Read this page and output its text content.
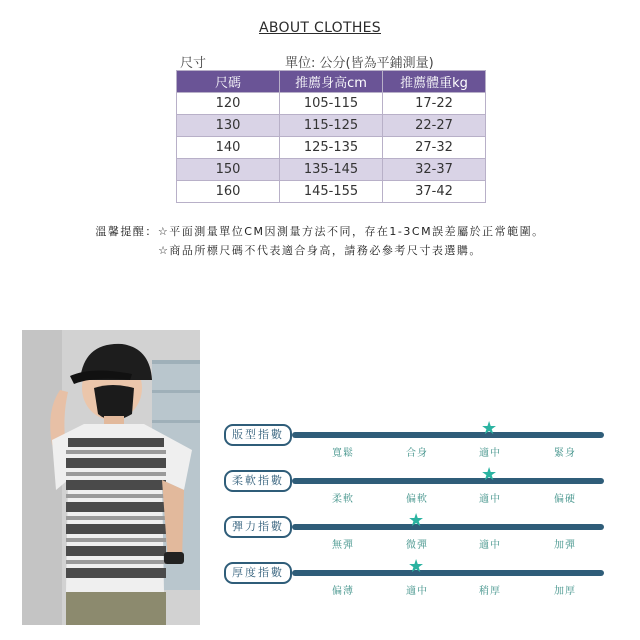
ABOUT CLOTHES
尺寸	單位: 公分(皆為平鋪測量)
尺碼	推薦身高cm	推薦體重kg
120	105-115	17-22
130	115-125	22-27
140	125-135	27-32
150	135-145	32-37
160	145-155	37-42
溫馨提醒：☆平面測量單位CM因測量方法不同，存在1-3CM誤差屬於正常範圍。
☆商品所標尺碼不代表適合身高，請務必參考尺寸表選購。
版型指數
寬鬆	合身	適中	緊身
★
柔軟指數
柔軟	偏軟	適中	偏硬
★
彈力指數
無彈	微彈	適中	加彈
★
厚度指數
偏薄	適中	稍厚	加厚
★
